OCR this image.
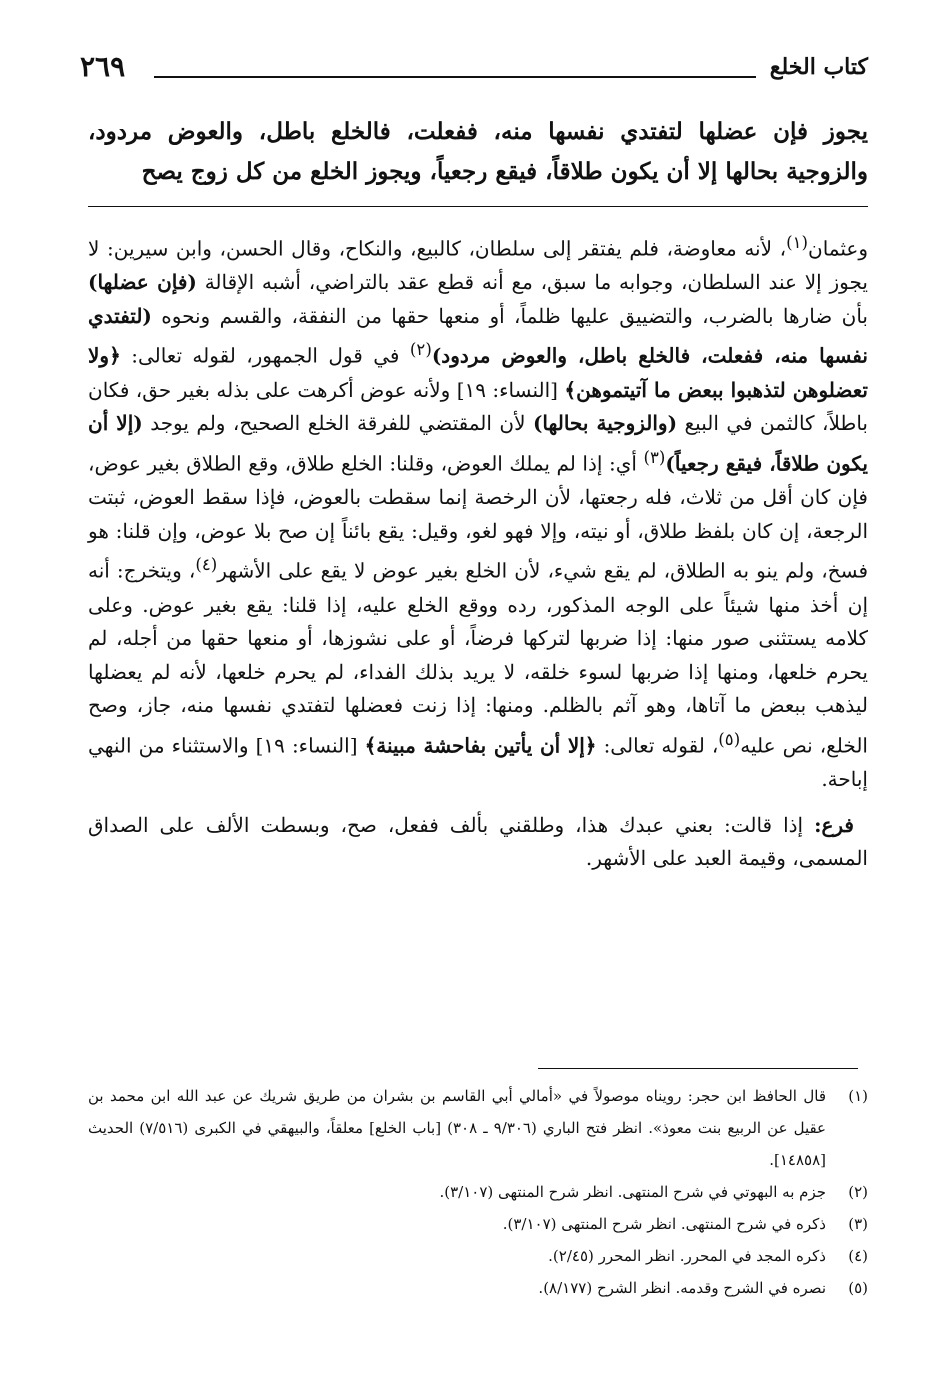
كتاب الخلع
٢٦٩

يجوز فإن عضلها لتفتدي نفسها منه، ففعلت، فالخلع باطل، والعوض مردود، والزوجية بحالها إلا أن يكون طلاقاً، فيقع رجعياً، ويجوز الخلع من كل زوج يصح

وعثمان$^{(١)}$، لأنه معاوضة، فلم يفتقر إلى سلطان، كالبيع، والنكاح، وقال الحسن، وابن سيرين: لا يجوز إلا عند السلطان، وجوابه ما سبق، مع أنه قطع عقد بالتراضي، أشبه الإقالة (فإن عضلها) بأن ضارها بالضرب، والتضييق عليها ظلماً، أو منعها حقها من النفقة، والقسم ونحوه (لتفتدي نفسها منه، ففعلت، فالخلع باطل، والعوض مردود)$^{(٢)}$ في قول الجمهور، لقوله تعالى: ﴿ولا تعضلوهن لتذهبوا ببعض ما آتيتموهن﴾ [النساء: ١٩] ولأنه عوض أكرهت على بذله بغير حق، فكان باطلاً، كالثمن في البيع (والزوجية بحالها) لأن المقتضي للفرقة الخلع الصحيح، ولم يوجد (إلا أن يكون طلاقاً، فيقع رجعياً)$^{(٣)}$ أي: إذا لم يملك العوض، وقلنا: الخلع طلاق، وقع الطلاق بغير عوض، فإن كان أقل من ثلاث، فله رجعتها، لأن الرخصة إنما سقطت بالعوض، فإذا سقط العوض، ثبتت الرجعة، إن كان بلفظ طلاق، أو نيته، وإلا فهو لغو، وقيل: يقع بائناً إن صح بلا عوض، وإن قلنا: هو فسخ، ولم ينو به الطلاق، لم يقع شيء، لأن الخلع بغير عوض لا يقع على الأشهر$^{(٤)}$، ويتخرج: أنه إن أخذ منها شيئاً على الوجه المذكور، رده ووقع الخلع عليه، إذا قلنا: يقع بغير عوض. وعلى كلامه يستثنى صور منها: إذا ضربها لتركها فرضاً، أو على نشوزها، أو منعها حقها من أجله، لم يحرم خلعها، ومنها إذا ضربها لسوء خلقه، لا يريد بذلك الفداء، لم يحرم خلعها، لأنه لم يعضلها ليذهب ببعض ما آتاها، وهو آثم بالظلم. ومنها: إذا زنت فعضلها لتفتدي نفسها منه، جاز، وصح الخلع، نص عليه$^{(٥)}$، لقوله تعالى: ﴿إلا أن يأتين بفاحشة مبينة﴾ [النساء: ١٩] والاستثناء من النهي إباحة.

فرع: إذا قالت: بعني عبدك هذا، وطلقني بألف ففعل، صح، وبسطت الألف على الصداق المسمى، وقيمة العبد على الأشهر.

(١)
قال الحافظ ابن حجر: رويناه موصولاً في «أمالي أبي القاسم بن بشران من طريق شريك عن عبد الله ابن محمد بن عقيل عن الربيع بنت معوذ». انظر فتح الباري (٩/٣٠٦ ـ ٣٠٨) [باب الخلع] معلقاً، والبيهقي في الكبرى (٧/٥١٦) الحديث [١٤٨٥٨].
(٢)
جزم به البهوتي في شرح المنتهى. انظر شرح المنتهى (٣/١٠٧).
(٣)
ذكره في شرح المنتهى. انظر شرح المنتهى (٣/١٠٧).
(٤)
ذكره المجد في المحرر. انظر المحرر (٢/٤٥).
(٥)
نصره في الشرح وقدمه. انظر الشرح (٨/١٧٧).
